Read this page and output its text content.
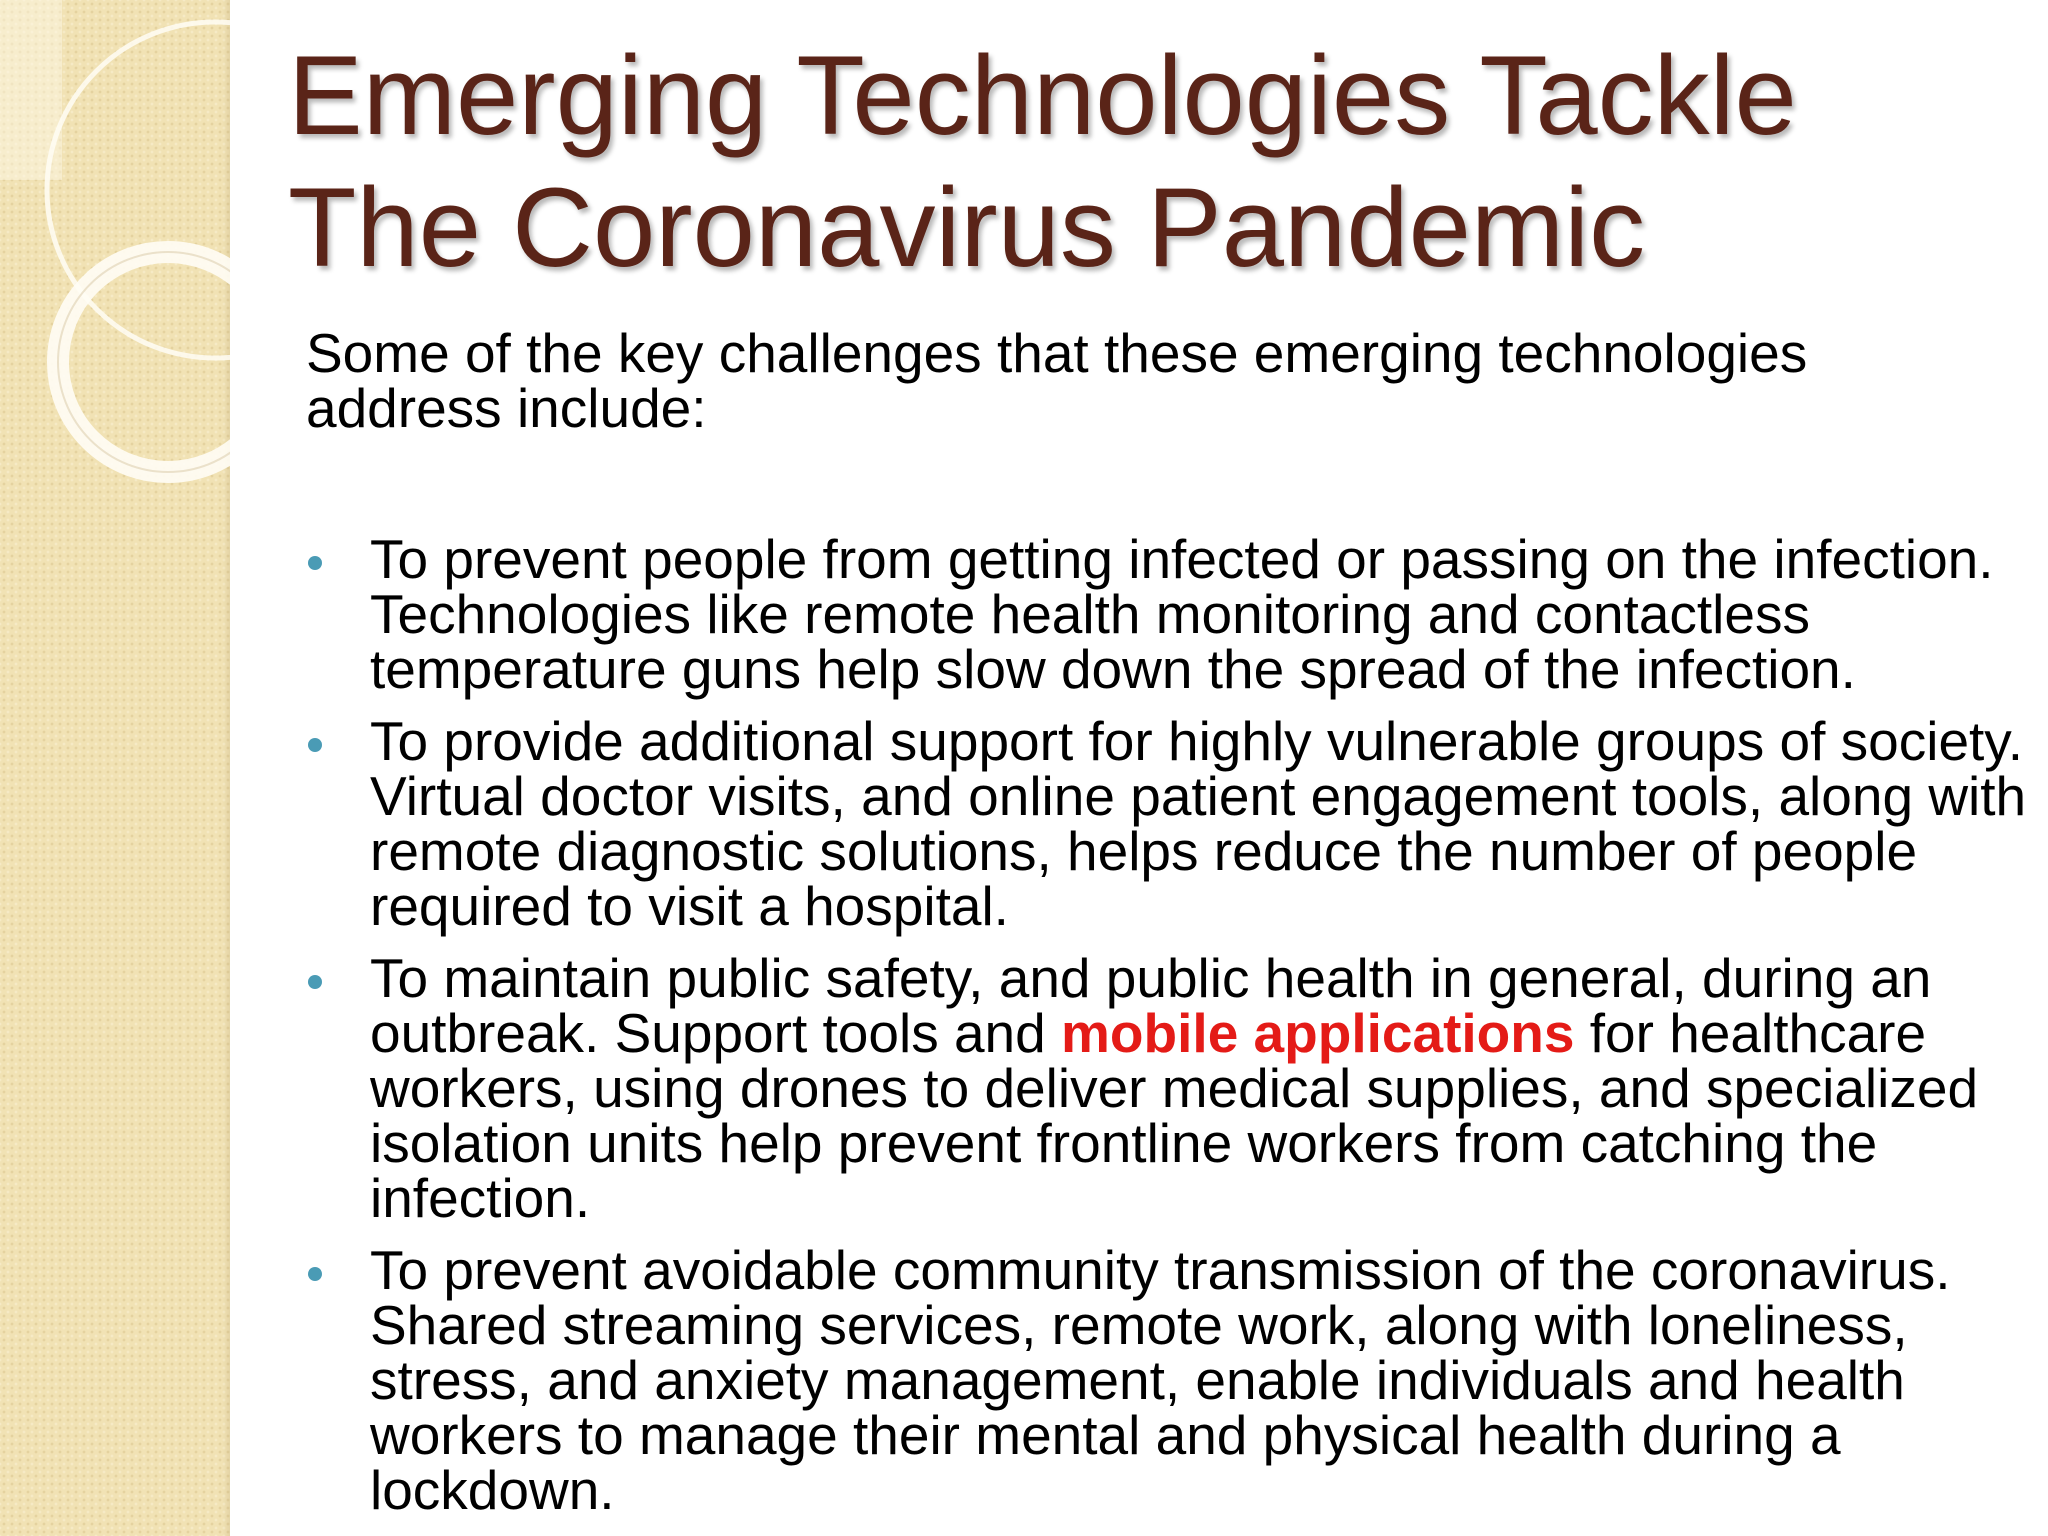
Emerging Technologies Tackle The Coronavirus Pandemic

Some of the key challenges that these emerging technologies address include:

To prevent people from getting infected or passing on the infection. Technologies like remote health monitoring and contactless temperature guns help slow down the spread of the infection.
To provide additional support for highly vulnerable groups of society. Virtual doctor visits, and online patient engagement tools, along with remote diagnostic solutions, helps reduce the number of people required to visit a hospital.
To maintain public safety, and public health in general, during an outbreak. Support tools and mobile applications for healthcare workers, using drones to deliver medical supplies, and specialized isolation units help prevent frontline workers from catching the infection.
To prevent avoidable community transmission of the coronavirus. Shared streaming services, remote work, along with loneliness, stress, and anxiety management, enable individuals and health workers to manage their mental and physical health during a lockdown.
